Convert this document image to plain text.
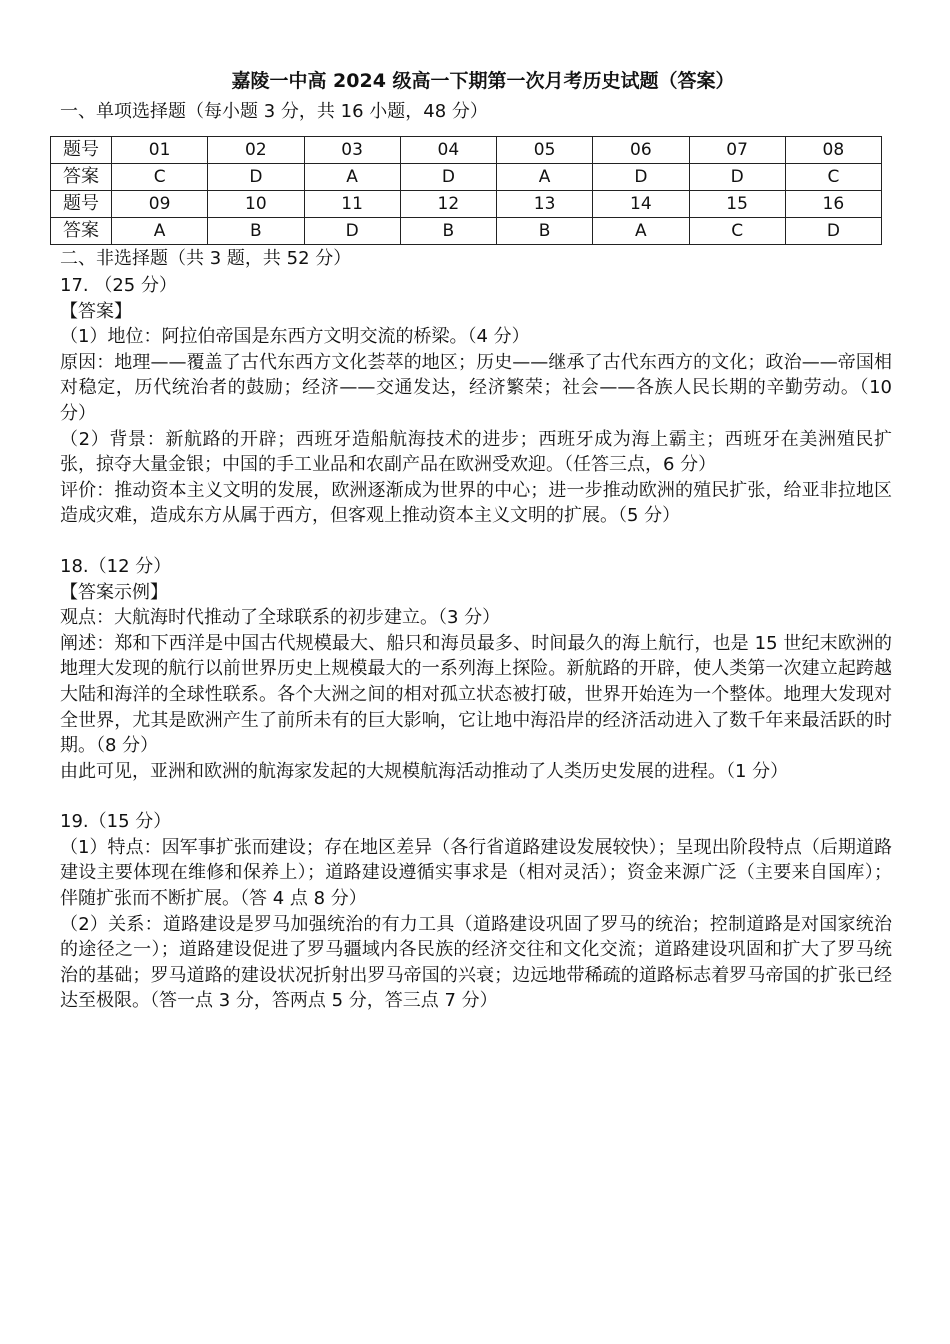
嘉陵一中高 2024 级高一下期第一次月考历史试题（答案）
一、单项选择题（每小题 3 分，共 16 小题，48 分）
题号	01	02	03	04	05	06	07	08
答案	C	D	A	D	A	D	D	C
题号	09	10	11	12	13	14	15	16
答案	A	B	D	B	B	A	C	D
二、非选择题（共 3 题，共 52 分）

17. （25 分）

【答案】

（1）地位：阿拉伯帝国是东西方文明交流的桥梁。（4 分）

原因：地理——覆盖了古代东西方文化荟萃的地区；历史——继承了古代东西方的文化；政治——帝国相对稳定，历代统治者的鼓励；经济——交通发达，经济繁荣；社会——各族人民长期的辛勤劳动。（10 分）

（2）背景：新航路的开辟；西班牙造船航海技术的进步；西班牙成为海上霸主；西班牙在美洲殖民扩张，掠夺大量金银；中国的手工业品和农副产品在欧洲受欢迎。（任答三点，6 分）

评价：推动资本主义文明的发展，欧洲逐渐成为世界的中心；进一步推动欧洲的殖民扩张，给亚非拉地区造成灾难，造成东方从属于西方，但客观上推动资本主义文明的扩展。（5 分）

18.（12 分）

【答案示例】

观点：大航海时代推动了全球联系的初步建立。（3 分）

阐述：郑和下西洋是中国古代规模最大、船只和海员最多、时间最久的海上航行，也是 15 世纪末欧洲的地理大发现的航行以前世界历史上规模最大的一系列海上探险。新航路的开辟，使人类第一次建立起跨越大陆和海洋的全球性联系。各个大洲之间的相对孤立状态被打破，世界开始连为一个整体。地理大发现对全世界，尤其是欧洲产生了前所未有的巨大影响，它让地中海沿岸的经济活动进入了数千年来最活跃的时期。（8 分）

由此可见，亚洲和欧洲的航海家发起的大规模航海活动推动了人类历史发展的进程。（1 分）

19.（15 分）

（1）特点：因军事扩张而建设；存在地区差异（各行省道路建设发展较快）；呈现出阶段特点（后期道路建设主要体现在维修和保养上）；道路建设遵循实事求是（相对灵活）；资金来源广泛（主要来自国库）；伴随扩张而不断扩展。（答 4 点 8 分）

（2）关系：道路建设是罗马加强统治的有力工具（道路建设巩固了罗马的统治；控制道路是对国家统治的途径之一）；道路建设促进了罗马疆域内各民族的经济交往和文化交流；道路建设巩固和扩大了罗马统治的基础；罗马道路的建设状况折射出罗马帝国的兴衰；边远地带稀疏的道路标志着罗马帝国的扩张已经达至极限。（答一点 3 分，答两点 5 分，答三点 7 分）
